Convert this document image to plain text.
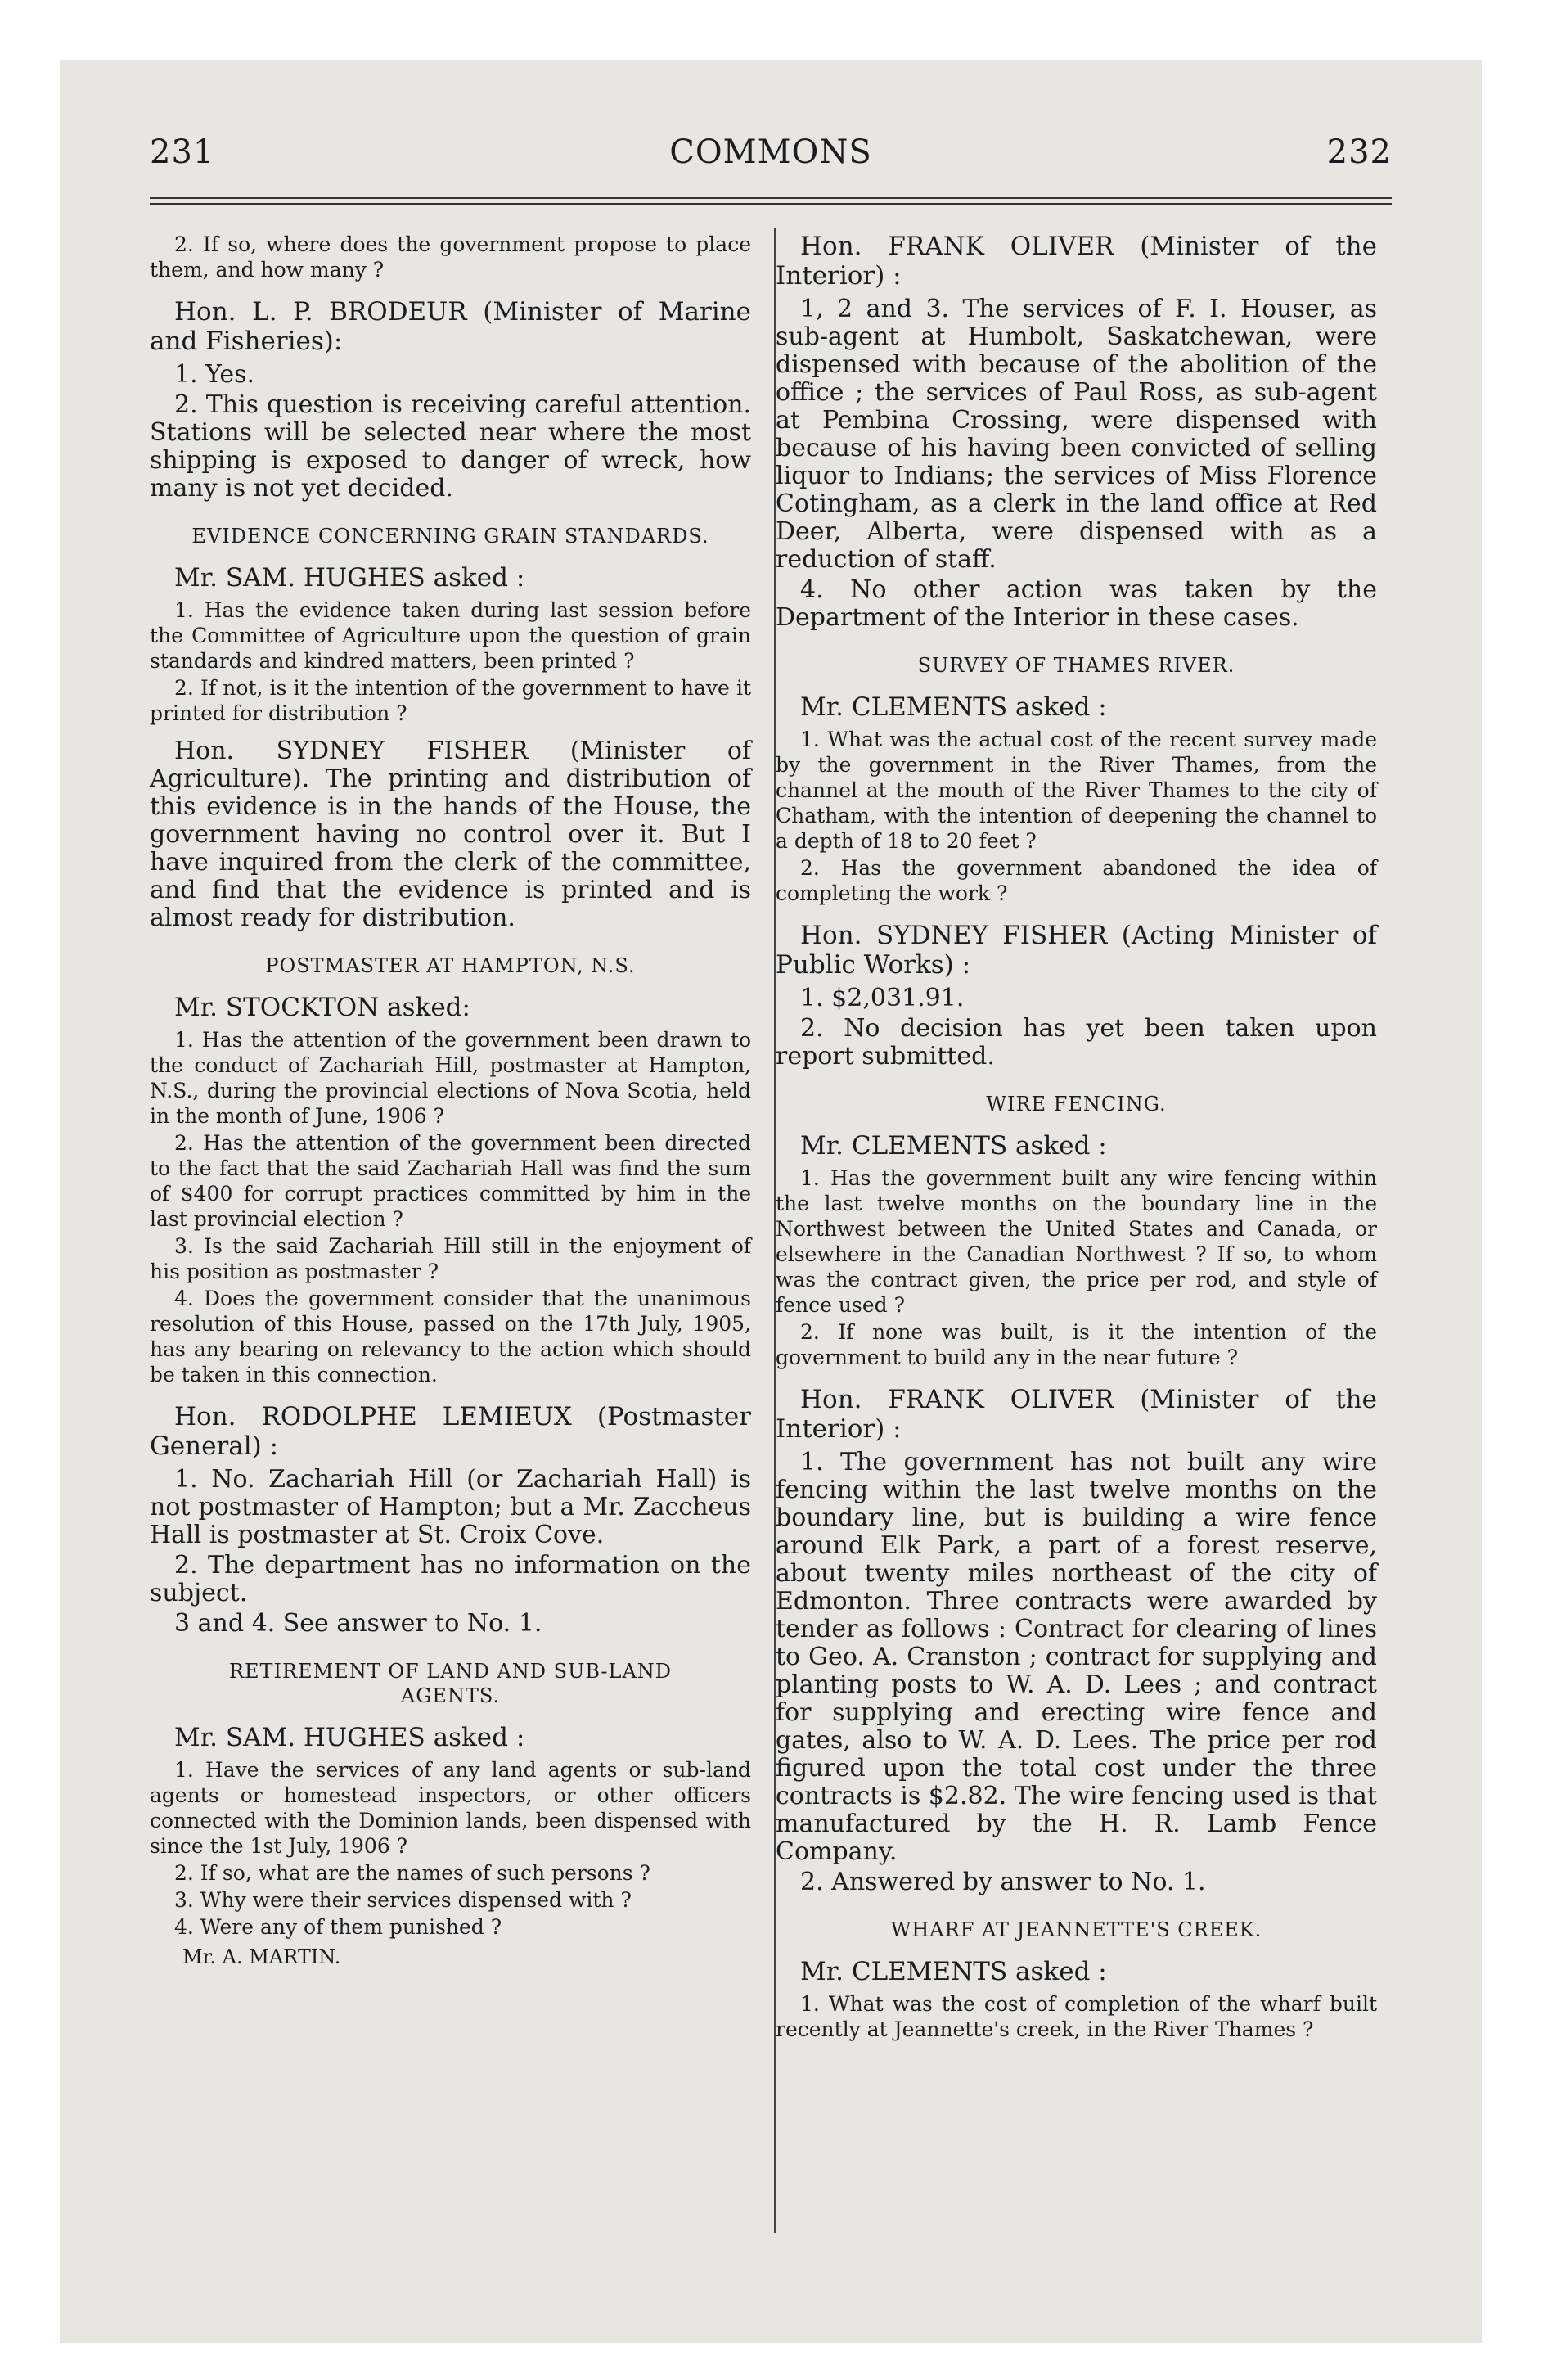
231	COMMONS	232

2. If so, where does the government propose to place them, and how many ?

Hon. L. P. BRODEUR (Minister of Marine and Fisheries):

1. Yes.

2. This question is receiving careful attention. Stations will be selected near where the most shipping is exposed to danger of wreck, how many is not yet decided.

EVIDENCE CONCERNING GRAIN STANDARDS.

Mr. SAM. HUGHES asked :

1. Has the evidence taken during last session before the Committee of Agriculture upon the question of grain standards and kindred matters, been printed ?

2. If not, is it the intention of the government to have it printed for distribution ?

Hon. SYDNEY FISHER (Minister of Agriculture). The printing and distribution of this evidence is in the hands of the House, the government having no control over it. But I have inquired from the clerk of the committee, and find that the evidence is printed and is almost ready for distribution.

POSTMASTER AT HAMPTON, N.S.

Mr. STOCKTON asked:

1. Has the attention of the government been drawn to the conduct of Zachariah Hill, postmaster at Hampton, N.S., during the provincial elections of Nova Scotia, held in the month of June, 1906 ?

2. Has the attention of the government been directed to the fact that the said Zachariah Hall was find the sum of $400 for corrupt practices committed by him in the last provincial election ?

3. Is the said Zachariah Hill still in the enjoyment of his position as postmaster ?

4. Does the government consider that the unanimous resolution of this House, passed on the 17th July, 1905, has any bearing on relevancy to the action which should be taken in this connection.

Hon. RODOLPHE LEMIEUX (Postmaster General) :

1. No. Zachariah Hill (or Zachariah Hall) is not postmaster of Hampton; but a Mr. Zaccheus Hall is postmaster at St. Croix Cove.

2. The department has no information on the subject.

3 and 4. See answer to No. 1.

RETIREMENT OF LAND AND SUB-LAND AGENTS.

Mr. SAM. HUGHES asked :

1. Have the services of any land agents or sub-land agents or homestead inspectors, or other officers connected with the Dominion lands, been dispensed with since the 1st July, 1906 ?

2. If so, what are the names of such persons ?

3. Why were their services dispensed with ?

4. Were any of them punished ?

Mr. A. MARTIN.

Hon. FRANK OLIVER (Minister of the Interior) :

1, 2 and 3. The services of F. I. Houser, as sub-agent at Humbolt, Saskatchewan, were dispensed with because of the abolition of the office ; the services of Paul Ross, as sub-agent at Pembina Crossing, were dispensed with because of his having been convicted of selling liquor to Indians; the services of Miss Florence Cotingham, as a clerk in the land office at Red Deer, Alberta, were dispensed with as a reduction of staff.

4. No other action was taken by the Department of the Interior in these cases.

SURVEY OF THAMES RIVER.

Mr. CLEMENTS asked :

1. What was the actual cost of the recent survey made by the government in the River Thames, from the channel at the mouth of the River Thames to the city of Chatham, with the intention of deepening the channel to a depth of 18 to 20 feet ?

2. Has the government abandoned the idea of completing the work ?

Hon. SYDNEY FISHER (Acting Minister of Public Works) :

1. $2,031.91.

2. No decision has yet been taken upon report submitted.

WIRE FENCING.

Mr. CLEMENTS asked :

1. Has the government built any wire fencing within the last twelve months on the boundary line in the Northwest between the United States and Canada, or elsewhere in the Canadian Northwest ? If so, to whom was the contract given, the price per rod, and style of fence used ?

2. If none was built, is it the intention of the government to build any in the near future ?

Hon. FRANK OLIVER (Minister of the Interior) :

1. The government has not built any wire fencing within the last twelve months on the boundary line, but is building a wire fence around Elk Park, a part of a forest reserve, about twenty miles northeast of the city of Edmonton. Three contracts were awarded by tender as follows : Contract for clearing of lines to Geo. A. Cranston ; contract for supplying and planting posts to W. A. D. Lees ; and contract for supplying and erecting wire fence and gates, also to W. A. D. Lees. The price per rod figured upon the total cost under the three contracts is $2.82. The wire fencing used is that manufactured by the H. R. Lamb Fence Company.

2. Answered by answer to No. 1.

WHARF AT JEANNETTE'S CREEK.

Mr. CLEMENTS asked :

1. What was the cost of completion of the wharf built recently at Jeannette's creek, in the River Thames ?
